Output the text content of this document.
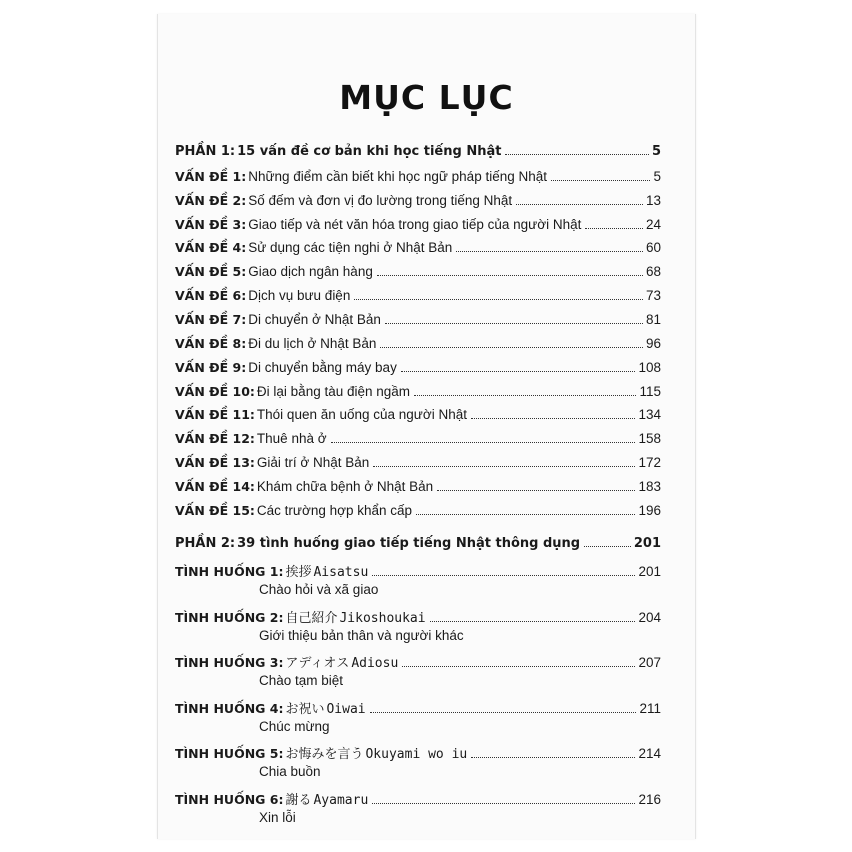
MỤC LỤC
PHẦN 1: 15 vấn đề cơ bản khi học tiếng Nhật	5
VẤN ĐỀ 1: Những điểm cần biết khi học ngữ pháp tiếng Nhật	5
VẤN ĐỀ 2: Số đếm và đơn vị đo lường trong tiếng Nhật	13
VẤN ĐỀ 3: Giao tiếp và nét văn hóa trong giao tiếp của người Nhật	24
VẤN ĐỀ 4: Sử dụng các tiện nghi ở Nhật Bản	60
VẤN ĐỀ 5: Giao dịch ngân hàng	68
VẤN ĐỀ 6: Dịch vụ bưu điện	73
VẤN ĐỀ 7: Di chuyển ở Nhật Bản	81
VẤN ĐỀ 8: Đi du lịch ở Nhật Bản	96
VẤN ĐỀ 9: Di chuyển bằng máy bay	108
VẤN ĐỀ 10: Đi lại bằng tàu điện ngầm	115
VẤN ĐỀ 11: Thói quen ăn uống của người Nhật	134
VẤN ĐỀ 12: Thuê nhà ở	158
VẤN ĐỀ 13: Giải trí ở Nhật Bản	172
VẤN ĐỀ 14: Khám chữa bệnh ở Nhật Bản	183
VẤN ĐỀ 15: Các trường hợp khẩn cấp	196
PHẦN 2: 39 tình huống giao tiếp tiếng Nhật thông dụng	201
TÌNH HUỐNG 1: 挨拶 Aisatsu	201
Chào hỏi và xã giao
TÌNH HUỐNG 2: 自己紹介 Jikoshoukai	204
Giới thiệu bản thân và người khác
TÌNH HUỐNG 3: アディオス Adiosu	207
Chào tạm biệt
TÌNH HUỐNG 4: お祝い Oiwai	211
Chúc mừng
TÌNH HUỐNG 5: お悔みを言う Okuyami wo iu	214
Chia buồn
TÌNH HUỐNG 6: 謝る Ayamaru	216
Xin lỗi
